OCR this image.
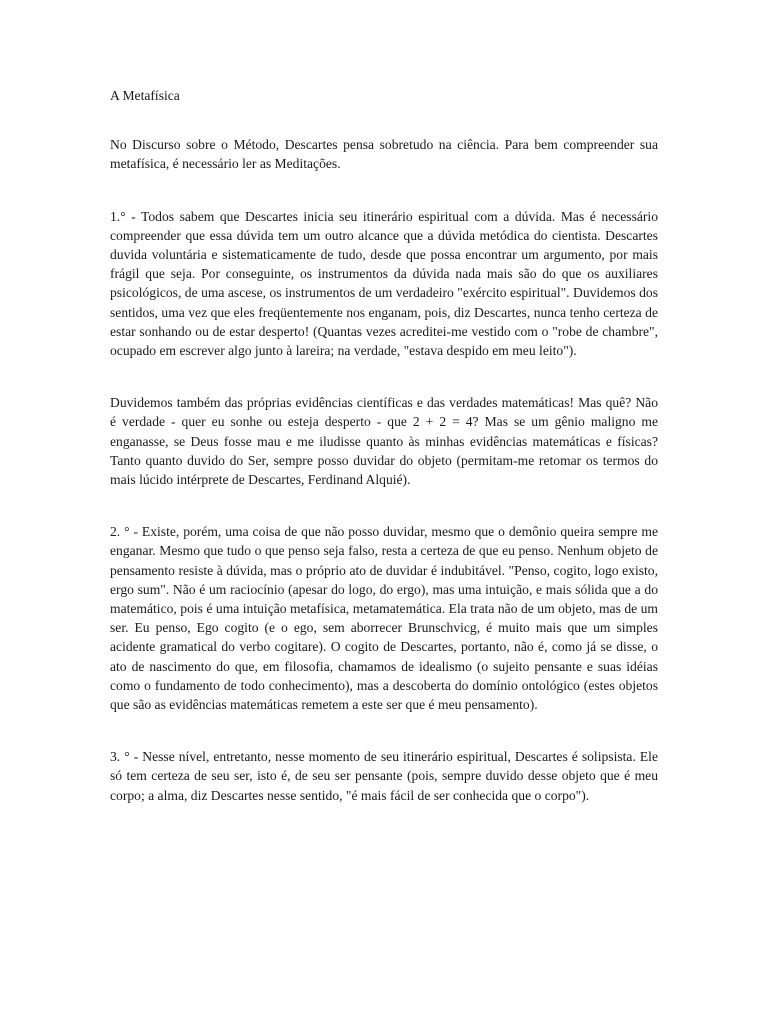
A Metafísica

No Discurso sobre o Método, Descartes pensa sobretudo na ciência. Para bem compreender sua metafísica, é necessário ler as Meditações.

1.° - Todos sabem que Descartes inicia seu itinerário espiritual com a dúvida. Mas é necessário compreender que essa dúvida tem um outro alcance que a dúvida metódica do cientista. Descartes duvida voluntária e sistematicamente de tudo, desde que possa encontrar um argumento, por mais frágil que seja. Por conseguinte, os instrumentos da dúvida nada mais são do que os auxiliares psicológicos, de uma ascese, os instrumentos de um verdadeiro "exército espiritual". Duvidemos dos sentidos, uma vez que eles freqüentemente nos enganam, pois, diz Descartes, nunca tenho certeza de estar sonhando ou de estar desperto! (Quantas vezes acreditei-me vestido com o "robe de chambre", ocupado em escrever algo junto à lareira; na verdade, "estava despido em meu leito").

Duvidemos também das próprias evidências científicas e das verdades matemáticas! Mas quê? Não é verdade - quer eu sonhe ou esteja desperto - que 2 + 2 = 4? Mas se um gênio maligno me enganasse, se Deus fosse mau e me iludisse quanto às minhas evidências matemáticas e físicas? Tanto quanto duvido do Ser, sempre posso duvidar do objeto (permitam-me retomar os termos do mais lúcido intérprete de Descartes, Ferdinand Alquié).

2. ° - Existe, porém, uma coisa de que não posso duvidar, mesmo que o demônio queira sempre me enganar. Mesmo que tudo o que penso seja falso, resta a certeza de que eu penso. Nenhum objeto de pensamento resiste à dúvida, mas o próprio ato de duvidar é indubitável. "Penso, cogito, logo existo, ergo sum". Não é um raciocínio (apesar do logo, do ergo), mas uma intuição, e mais sólida que a do matemático, pois é uma intuição metafísica, metamatemática. Ela trata não de um objeto, mas de um ser. Eu penso, Ego cogito (e o ego, sem aborrecer Brunschvicg, é muito mais que um simples acidente gramatical do verbo cogitare). O cogito de Descartes, portanto, não é, como já se disse, o ato de nascimento do que, em filosofia, chamamos de idealismo (o sujeito pensante e suas idéias como o fundamento de todo conhecimento), mas a descoberta do domínio ontológico (estes objetos que são as evidências matemáticas remetem a este ser que é meu pensamento).

3. ° - Nesse nível, entretanto, nesse momento de seu itinerário espiritual, Descartes é solipsista. Ele só tem certeza de seu ser, isto é, de seu ser pensante (pois, sempre duvido desse objeto que é meu corpo; a alma, diz Descartes nesse sentido, "é mais fácil de ser conhecida que o corpo").
